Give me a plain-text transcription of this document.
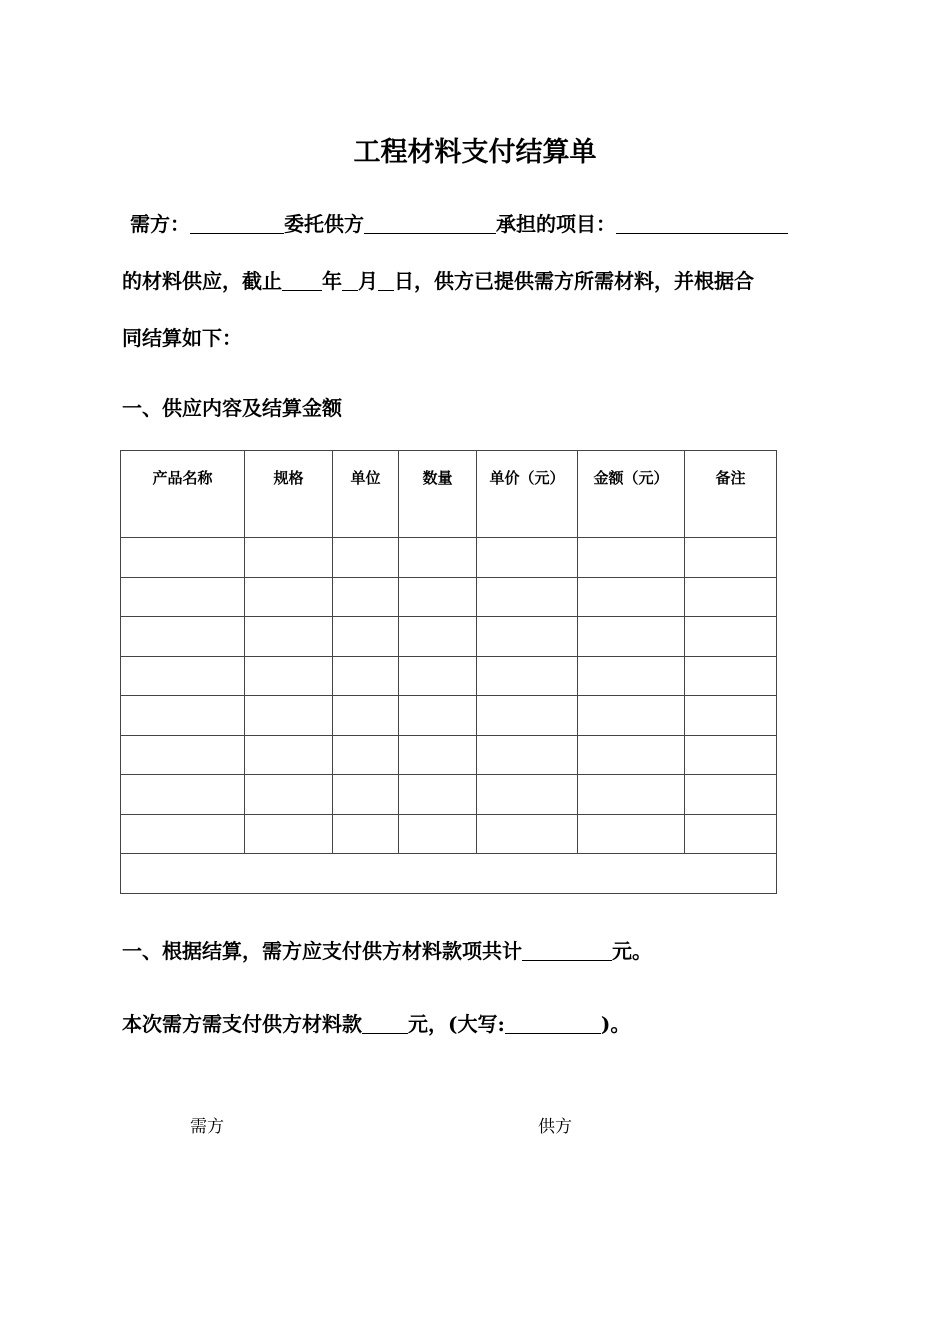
工程材料支付结算单
需方：	委托供方	承担的项目：
的材料供应，截止 年 月 日，供方已提供需方所需材料，并根据合
同结算如下：
一、供应内容及结算金额
产品名称	规格	单位	数量	单价（元）	金额（元）	备注

一、根据结算，需方应支付供方材料款项共计	元。
本次需方需支付供方材料款 元，(大写:	)。
需方	供方
